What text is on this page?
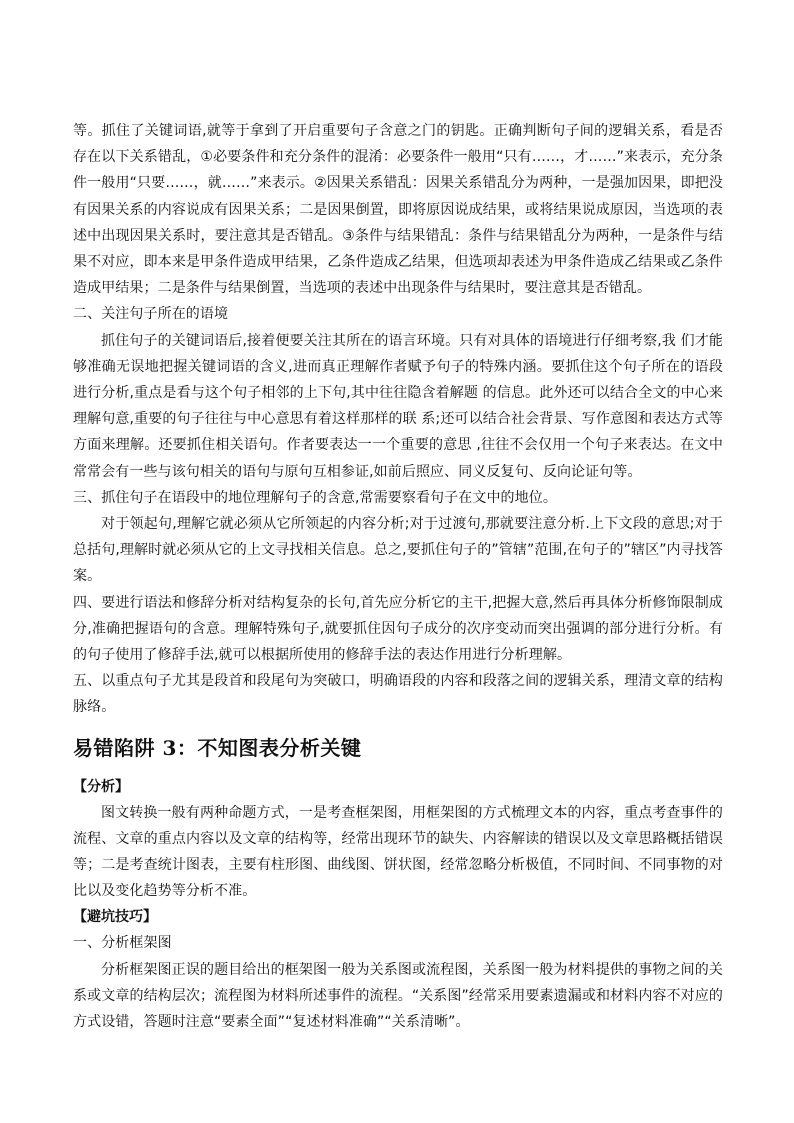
等。抓住了关键词语,就等于拿到了开启重要句子含意之门的钥匙。正确判断句子间的逻辑关系，看是否存在以下关系错乱，①必要条件和充分条件的混淆：必要条件一般用“只有……，才……”来表示，充分条件一般用“只要……，就……”来表示。②因果关系错乱：因果关系错乱分为两种，一是强加因果，即把没有因果关系的内容说成有因果关系；二是因果倒置，即将原因说成结果，或将结果说成原因，当选项的表述中出现因果关系时，要注意其是否错乱。③条件与结果错乱：条件与结果错乱分为两种，一是条件与结果不对应，即本来是甲条件造成甲结果，乙条件造成乙结果，但选项却表述为甲条件造成乙结果或乙条件造成甲结果；二是条件与结果倒置，当选项的表述中出现条件与结果时，要注意其是否错乱。

二、关注句子所在的语境

抓住句子的关键词语后,接着便要关注其所在的语言环境。只有对具体的语境进行仔细考察,我 们才能够准确无误地把握关键词语的含义,进而真正理解作者赋予句子的特殊内涵。要抓住这个句子所在的语段进行分析,重点是看与这个句子相邻的上下句,其中往往隐含着解题 的信息。此外还可以结合全文的中心来理解句意,重要的句子往往与中心意思有着这样那样的联 系;还可以结合社会背景、写作意图和表达方式等方面来理解。还要抓住相关语句。作者要表达一一个重要的意思 ,往往不会仅用一个句子来表达。在文中常常会有一些与该句相关的语句与原句互相参证,如前后照应、同义反复句、反向论证句等。

三、抓住句子在语段中的地位理解句子的含意,常需要察看句子在文中的地位。

对于领起句,理解它就必须从它所领起的内容分析;对于过渡句,那就要注意分析.上下文段的意思;对于总括句,理解时就必须从它的上文寻找相关信息。总之,要抓住句子的”管辖”范围,在句子的”辖区”内寻找答案。

四、要进行语法和修辞分析对结构复杂的长句,首先应分析它的主干,把握大意,然后再具体分析修饰限制成分,准确把握语句的含意。理解特殊句子,就要抓住因句子成分的次序变动而突出强调的部分进行分析。有的句子使用了修辞手法,就可以根据所使用的修辞手法的表达作用进行分析理解。

五、以重点句子尤其是段首和段尾句为突破口，明确语段的内容和段落之间的逻辑关系，理清文章的结构脉络。

易错陷阱 3：不知图表分析关键

【分析】

图文转换一般有两种命题方式，一是考查框架图，用框架图的方式梳理文本的内容，重点考查事件的流程、文章的重点内容以及文章的结构等，经常出现环节的缺失、内容解读的错误以及文章思路概括错误等；二是考查统计图表，主要有柱形图、曲线图、饼状图，经常忽略分析极值，不同时间、不同事物的对比以及变化趋势等分析不准。

【避坑技巧】

一、分析框架图

分析框架图正误的题目给出的框架图一般为关系图或流程图，关系图一般为材料提供的事物之间的关系或文章的结构层次；流程图为材料所述事件的流程。“关系图”经常采用要素遗漏或和材料内容不对应的方式设错，答题时注意“要素全面”“复述材料准确”“关系清晰”。
